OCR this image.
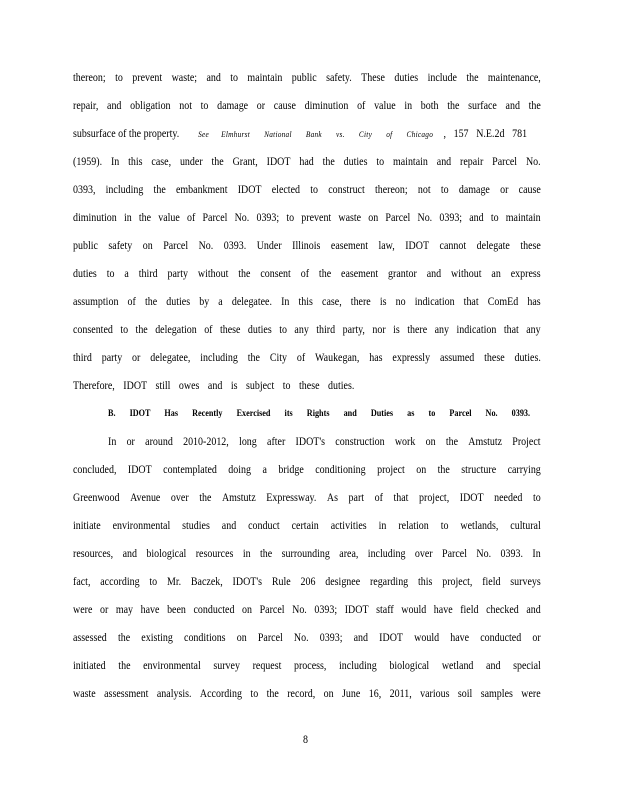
thereon; to prevent waste; and to maintain public safety. These duties include the maintenance,
repair, and obligation not to damage or cause diminution of value in both the surface and the
subsurface of the property. See Elmhurst National Bank vs. City of Chicago , 157 N.E.2d 781
(1959). In this case, under the Grant, IDOT had the duties to maintain and repair Parcel No.
0393, including the embankment IDOT elected to construct thereon; not to damage or cause
diminution in the value of Parcel No. 0393; to prevent waste on Parcel No. 0393; and to maintain
public safety on Parcel No. 0393. Under Illinois easement law, IDOT cannot delegate these
duties to a third party without the consent of the easement grantor and without an express
assumption of the duties by a delegatee. In this case, there is no indication that ComEd has
consented to the delegation of these duties to any third party, nor is there any indication that any
third party or delegatee, including the City of Waukegan, has expressly assumed these duties.
Therefore, IDOT still owes and is subject to these duties.
B. IDOT Has Recently Exercised its Rights and Duties as to Parcel No. 0393.
In or around 2010-2012, long after IDOT's construction work on the Amstutz Project
concluded, IDOT contemplated doing a bridge conditioning project on the structure carrying
Greenwood Avenue over the Amstutz Expressway. As part of that project, IDOT needed to
initiate environmental studies and conduct certain activities in relation to wetlands, cultural
resources, and biological resources in the surrounding area, including over Parcel No. 0393. In
fact, according to Mr. Baczek, IDOT's Rule 206 designee regarding this project, field surveys
were or may have been conducted on Parcel No. 0393; IDOT staff would have field checked and
assessed the existing conditions on Parcel No. 0393; and IDOT would have conducted or
initiated the environmental survey request process, including biological wetland and special
waste assessment analysis. According to the record, on June 16, 2011, various soil samples were
8
